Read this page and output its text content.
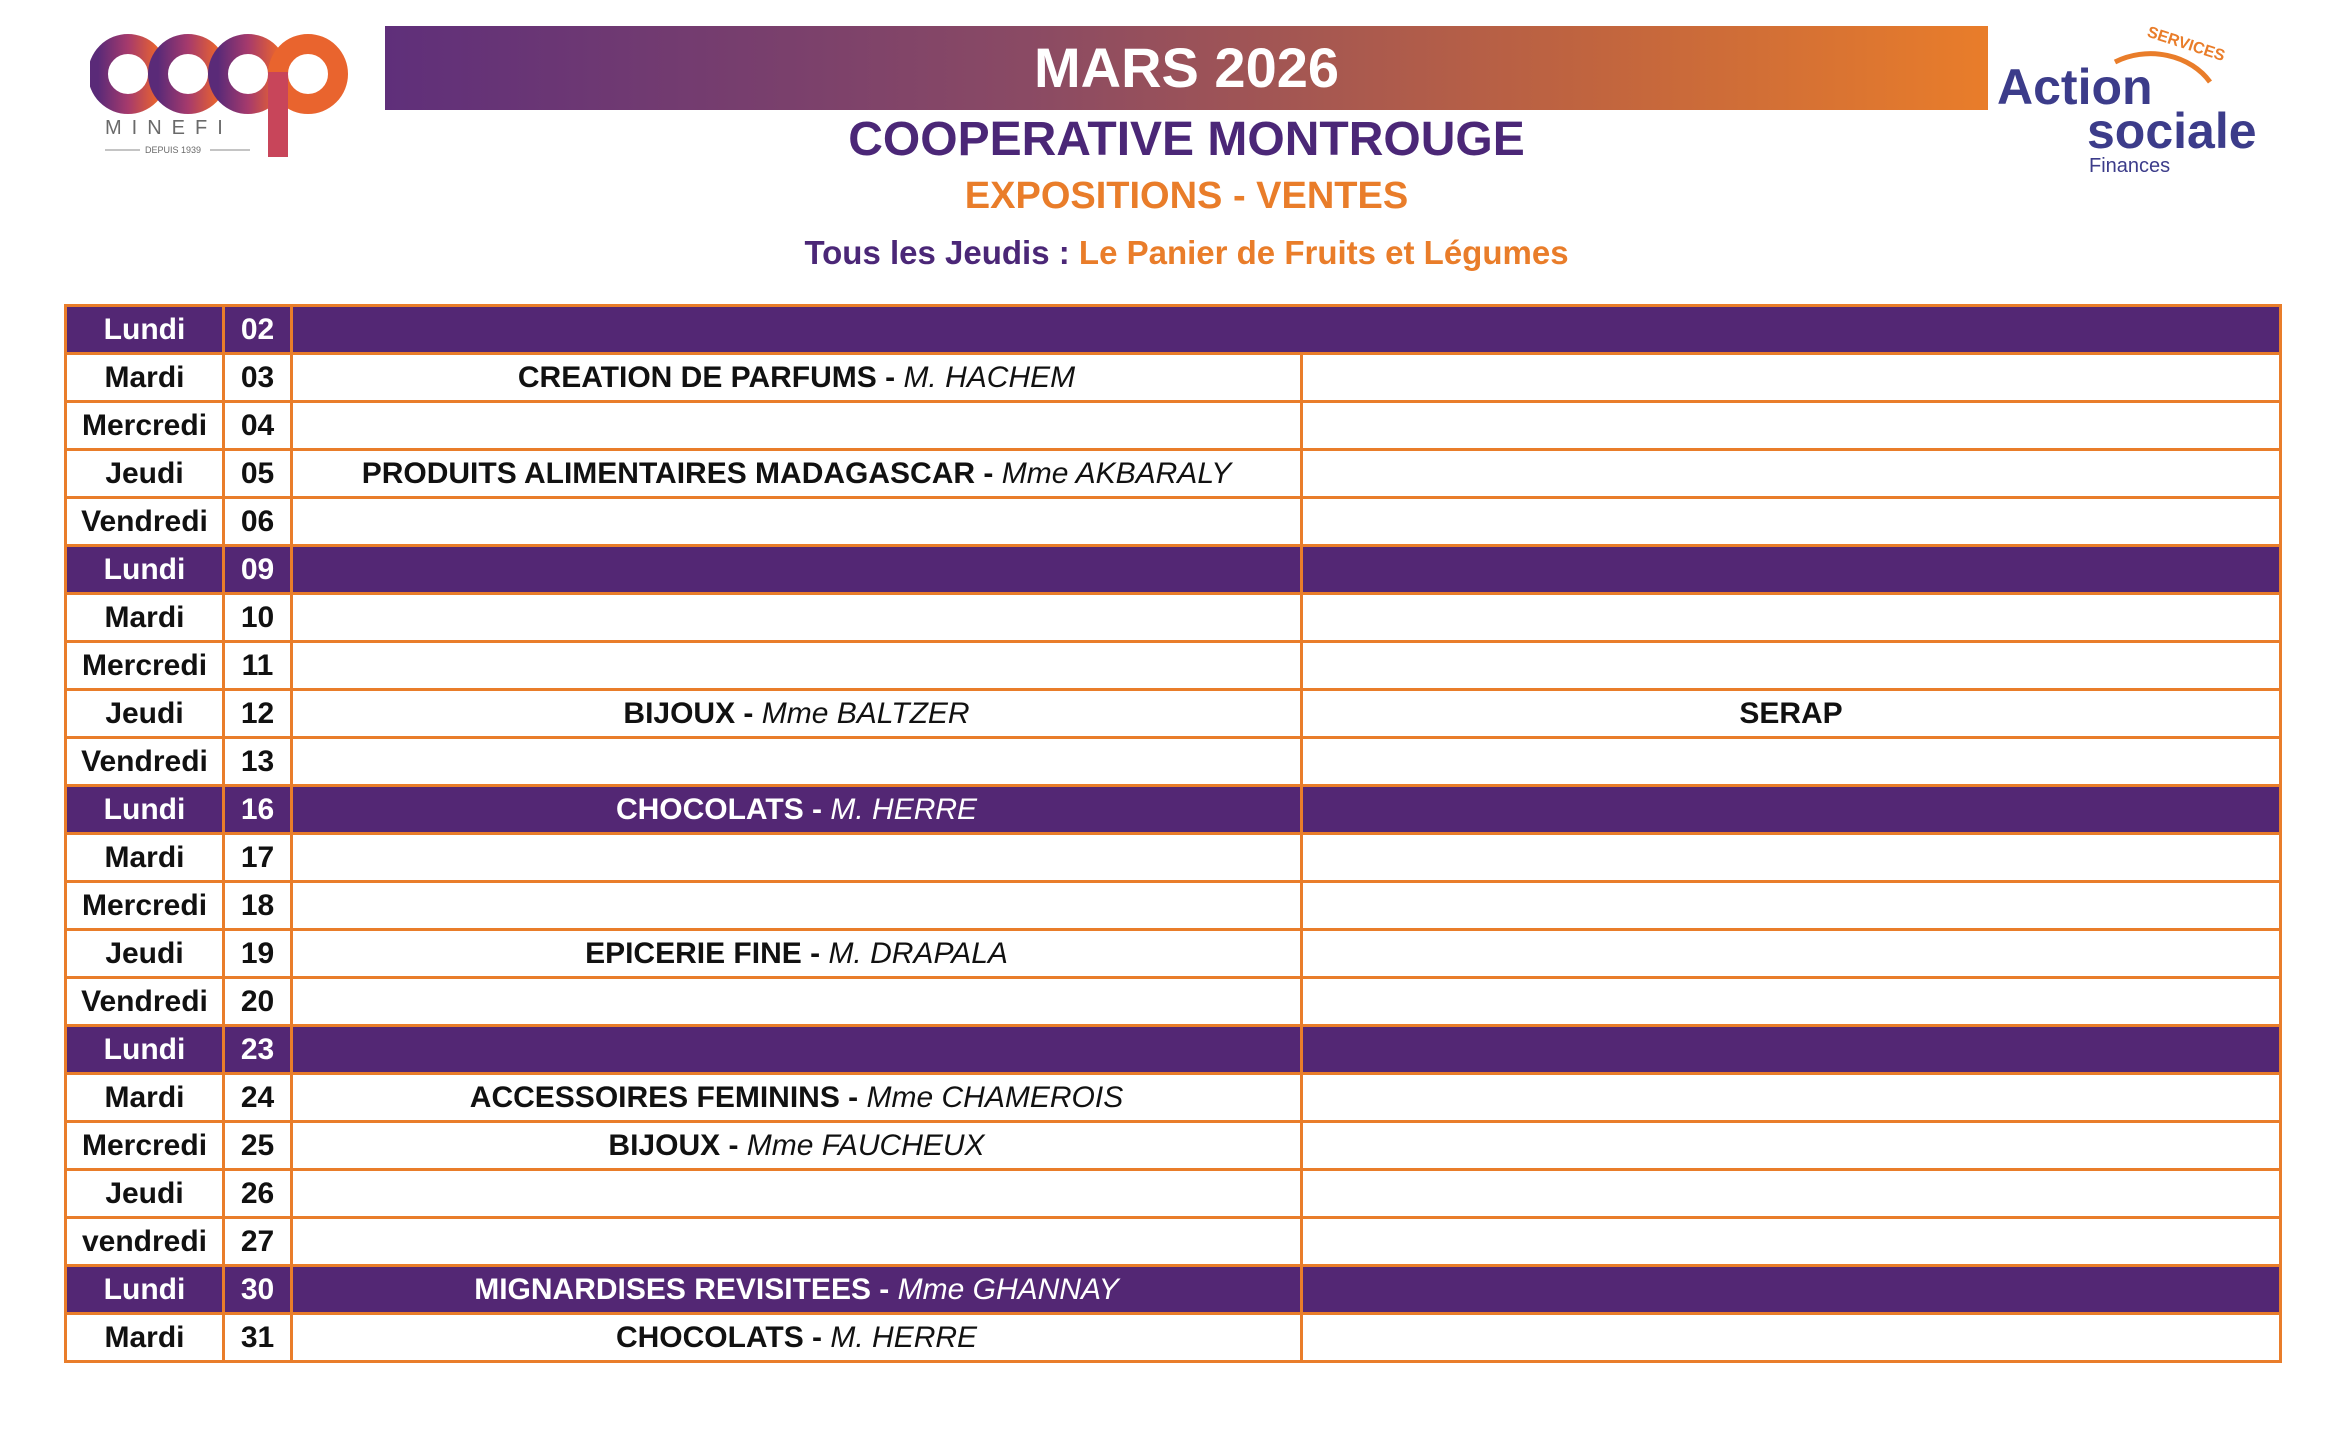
MINEFI
DEPUIS 1939
SERVICES
Action
sociale
Finances
MARS 2026
COOPERATIVE MONTROUGE
EXPOSITIONS - VENTES
Tous les Jeudis : Le Panier de Fruits et Légumes
Lundi	02		
Mardi	03	CREATION DE PARFUMS - M. HACHEM	
Mercredi	04		
Jeudi	05	PRODUITS ALIMENTAIRES MADAGASCAR - Mme AKBARALY	
Vendredi	06		
Lundi	09		
Mardi	10		
Mercredi	11		
Jeudi	12	BIJOUX - Mme BALTZER	SERAP
Vendredi	13		
Lundi	16	CHOCOLATS - M. HERRE	
Mardi	17		
Mercredi	18		
Jeudi	19	EPICERIE FINE - M. DRAPALA	
Vendredi	20		
Lundi	23		
Mardi	24	ACCESSOIRES FEMININS - Mme CHAMEROIS	
Mercredi	25	BIJOUX - Mme FAUCHEUX	
Jeudi	26		
vendredi	27		
Lundi	30	MIGNARDISES REVISITEES - Mme GHANNAY	
Mardi	31	CHOCOLATS - M. HERRE	
